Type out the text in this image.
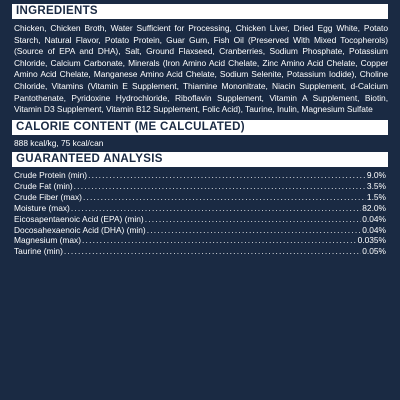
INGREDIENTS
Chicken, Chicken Broth, Water Sufficient for Processing, Chicken Liver, Dried Egg White, Potato Starch, Natural Flavor, Potato Protein, Guar Gum, Fish Oil (Preserved With Mixed Tocopherols) (Source of EPA and DHA), Salt, Ground Flaxseed, Cranberries, Sodium Phosphate, Potassium Chloride, Calcium Carbonate, Minerals (Iron Amino Acid Chelate, Zinc Amino Acid Chelate, Copper Amino Acid Chelate, Manganese Amino Acid Chelate, Sodium Selenite, Potassium Iodide), Choline Chloride, Vitamins (Vitamin E Supplement, Thiamine Mononitrate, Niacin Supplement, d-Calcium Pantothenate, Pyridoxine Hydrochloride, Riboflavin Supplement, Vitamin A Supplement, Biotin, Vitamin D3 Supplement, Vitamin B12 Supplement, Folic Acid), Taurine, Inulin, Magnesium Sulfate
CALORIE CONTENT (ME CALCULATED)
888 kcal/kg, 75 kcal/can
GUARANTEED ANALYSIS
Crude Protein (min) .....	9.0%
Crude Fat (min) .....	3.5%
Crude Fiber (max) .....	1.5%
Moisture (max) .....	82.0%
Eicosapentaenoic Acid (EPA) (min) .....	0.04%
Docosahexaenoic Acid (DHA) (min) .....	0.04%
Magnesium (max) .....	0.035%
Taurine (min) .....	0.05%
